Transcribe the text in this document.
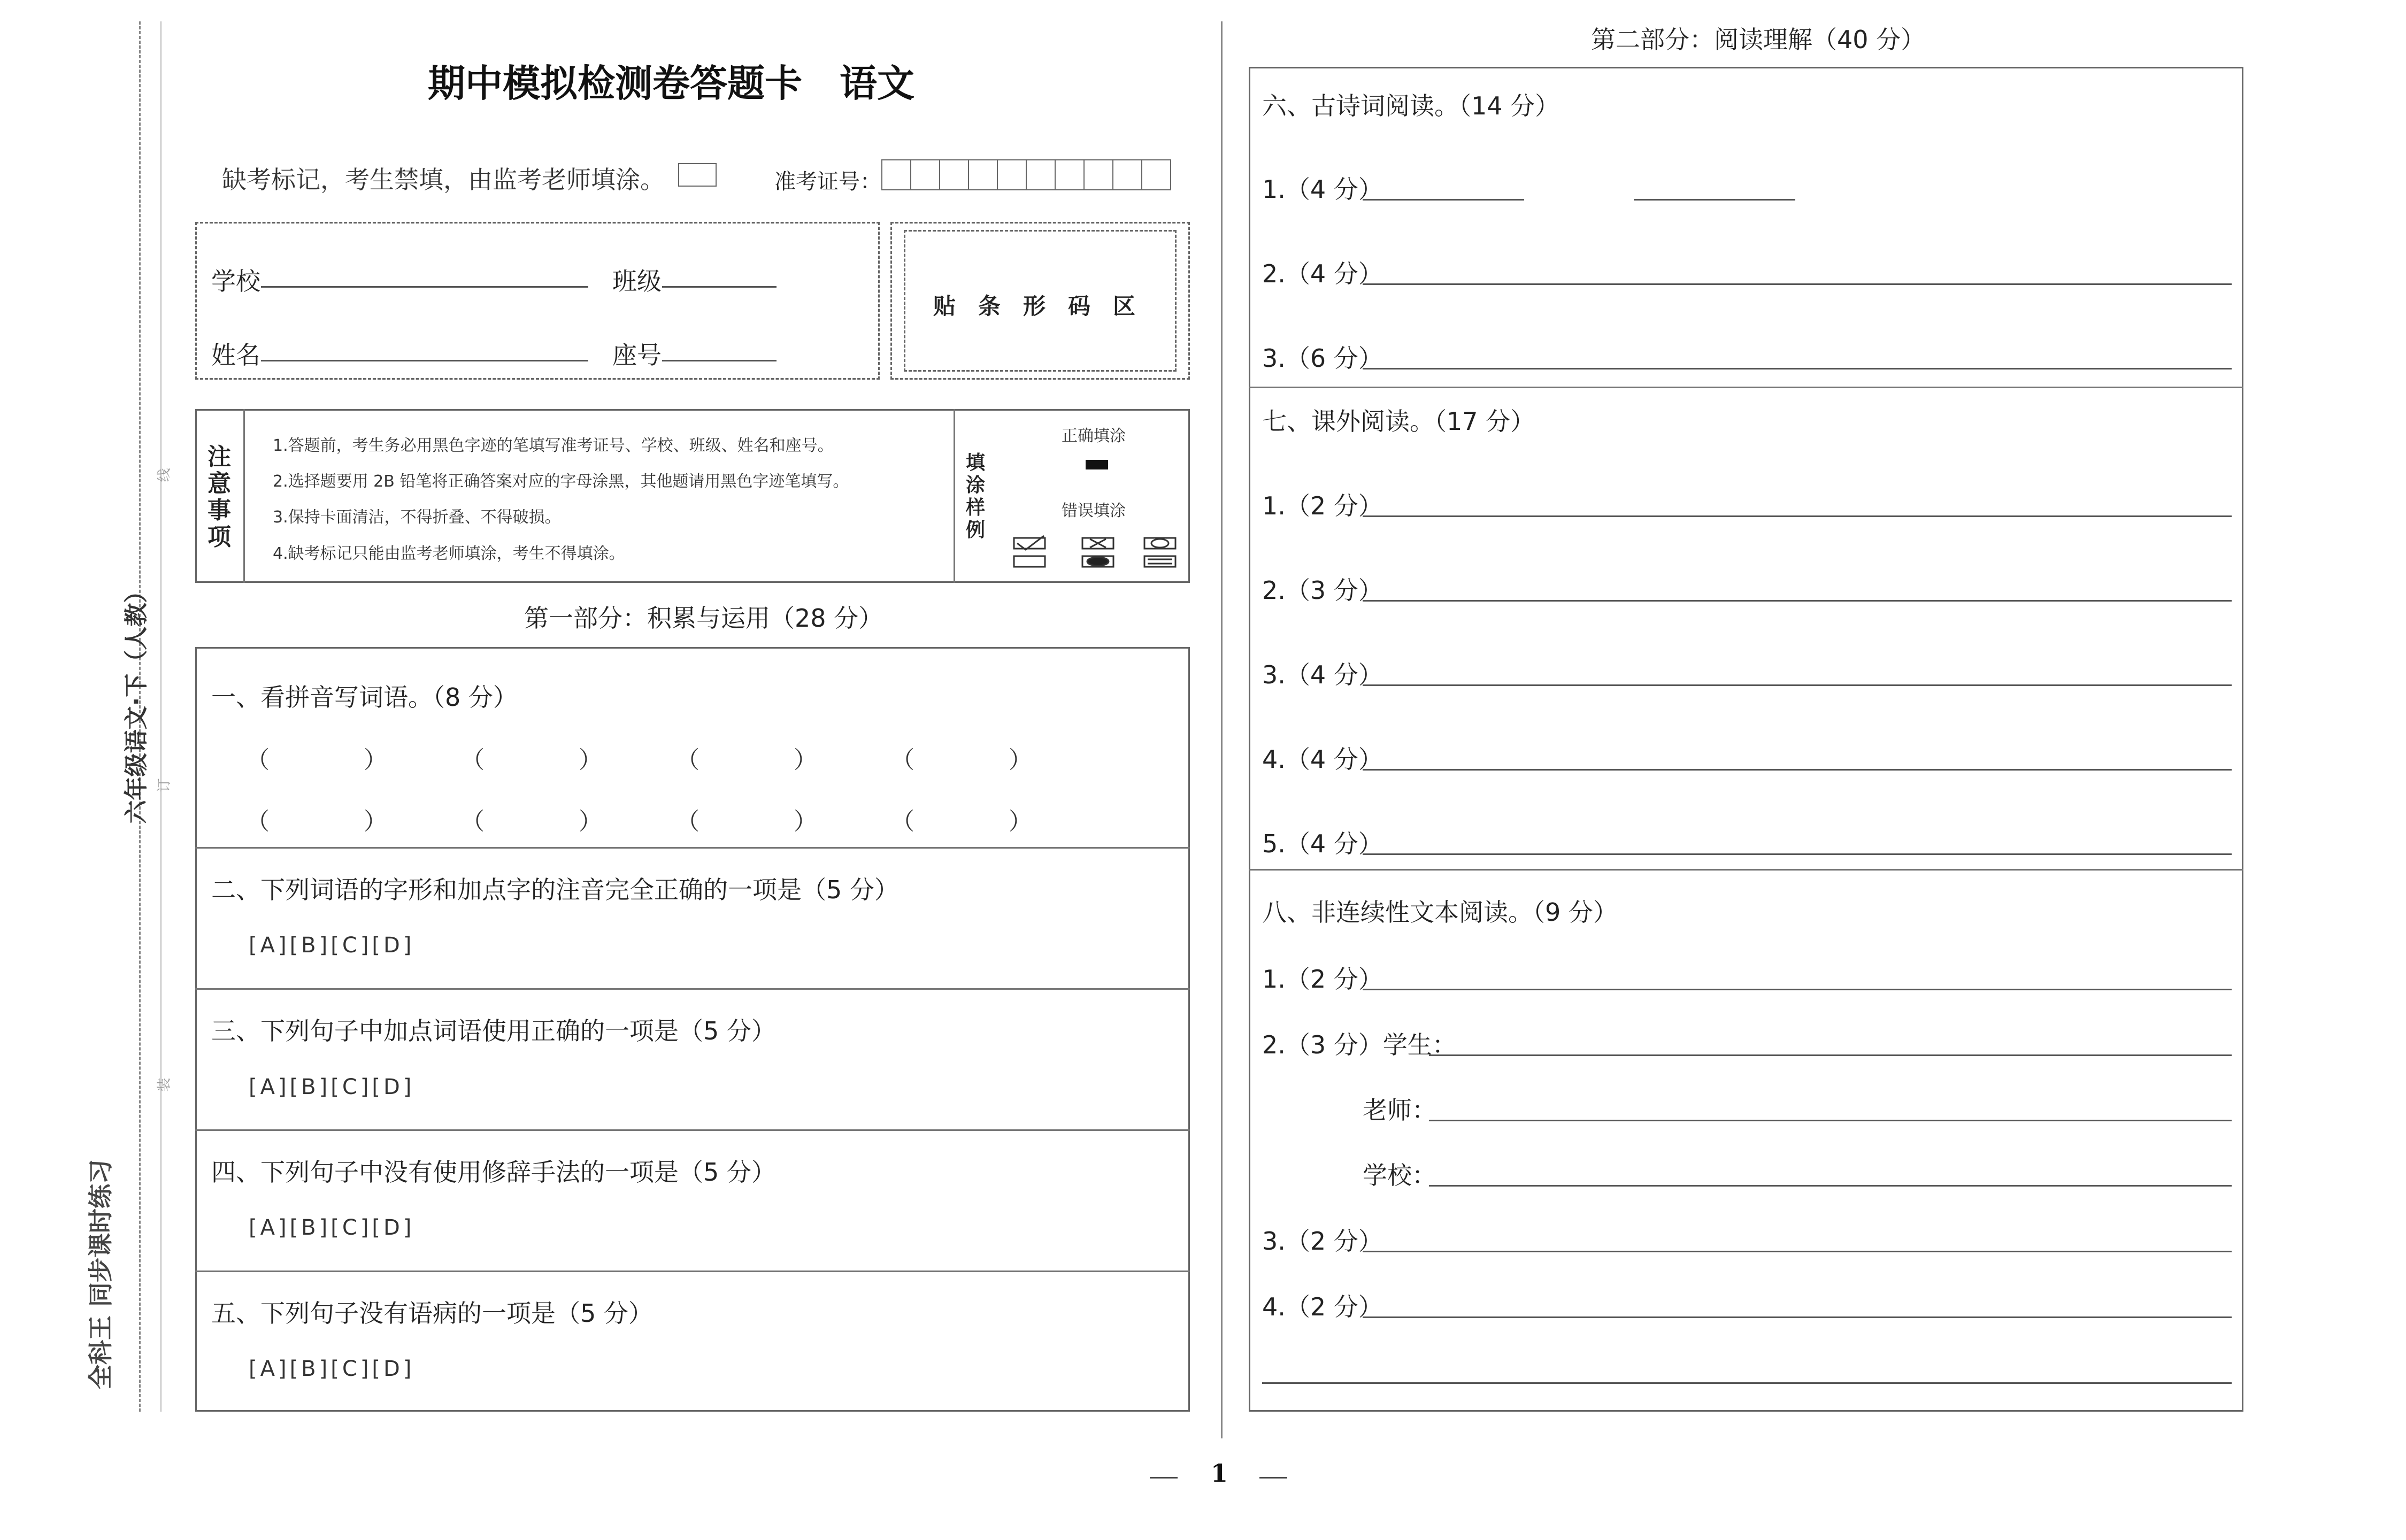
线
订
装
六年级语文·下（人教）
全科王 同步课时练习
期中模拟检测卷答题卡　语文
缺考标记，考生禁填，由监考老师填涂。	准考证号：
学校	班级
姓名	座号
贴　条　形　码　区
注意事项
1.答题前，考生务必用黑色字迹的笔填写准考证号、学校、班级、姓名和座号。
2.选择题要用 2B 铅笔将正确答案对应的字母涂黑，其他题请用黑色字迹笔填写。
3.保持卡面清洁，不得折叠、不得破损。
4.缺考标记只能由监考老师填涂，考生不得填涂。
填涂样例
正确填涂
错误填涂
第一部分：积累与运用（28 分）
一、看拼音写词语。（8 分）
（	）	（	）	（	）	（	）
（	）	（	）	（	）	（	）
二、下列词语的字形和加点字的注音完全正确的一项是（5 分）
[A][B][C][D]
三、下列句子中加点词语使用正确的一项是（5 分）
[A][B][C][D]
四、下列句子中没有使用修辞手法的一项是（5 分）
[A][B][C][D]
五、下列句子没有语病的一项是（5 分）
[A][B][C][D]
第二部分：阅读理解（40 分）
六、古诗词阅读。（14 分）
1.（4 分）
2.（4 分）
3.（6 分）
七、课外阅读。（17 分）
1.（2 分）
2.（3 分）
3.（4 分）
4.（4 分）
5.（4 分）
八、非连续性文本阅读。（9 分）
1.（2 分）
2.（3 分）学生：
老师：
学校：
3.（2 分）
4.（2 分）
1
